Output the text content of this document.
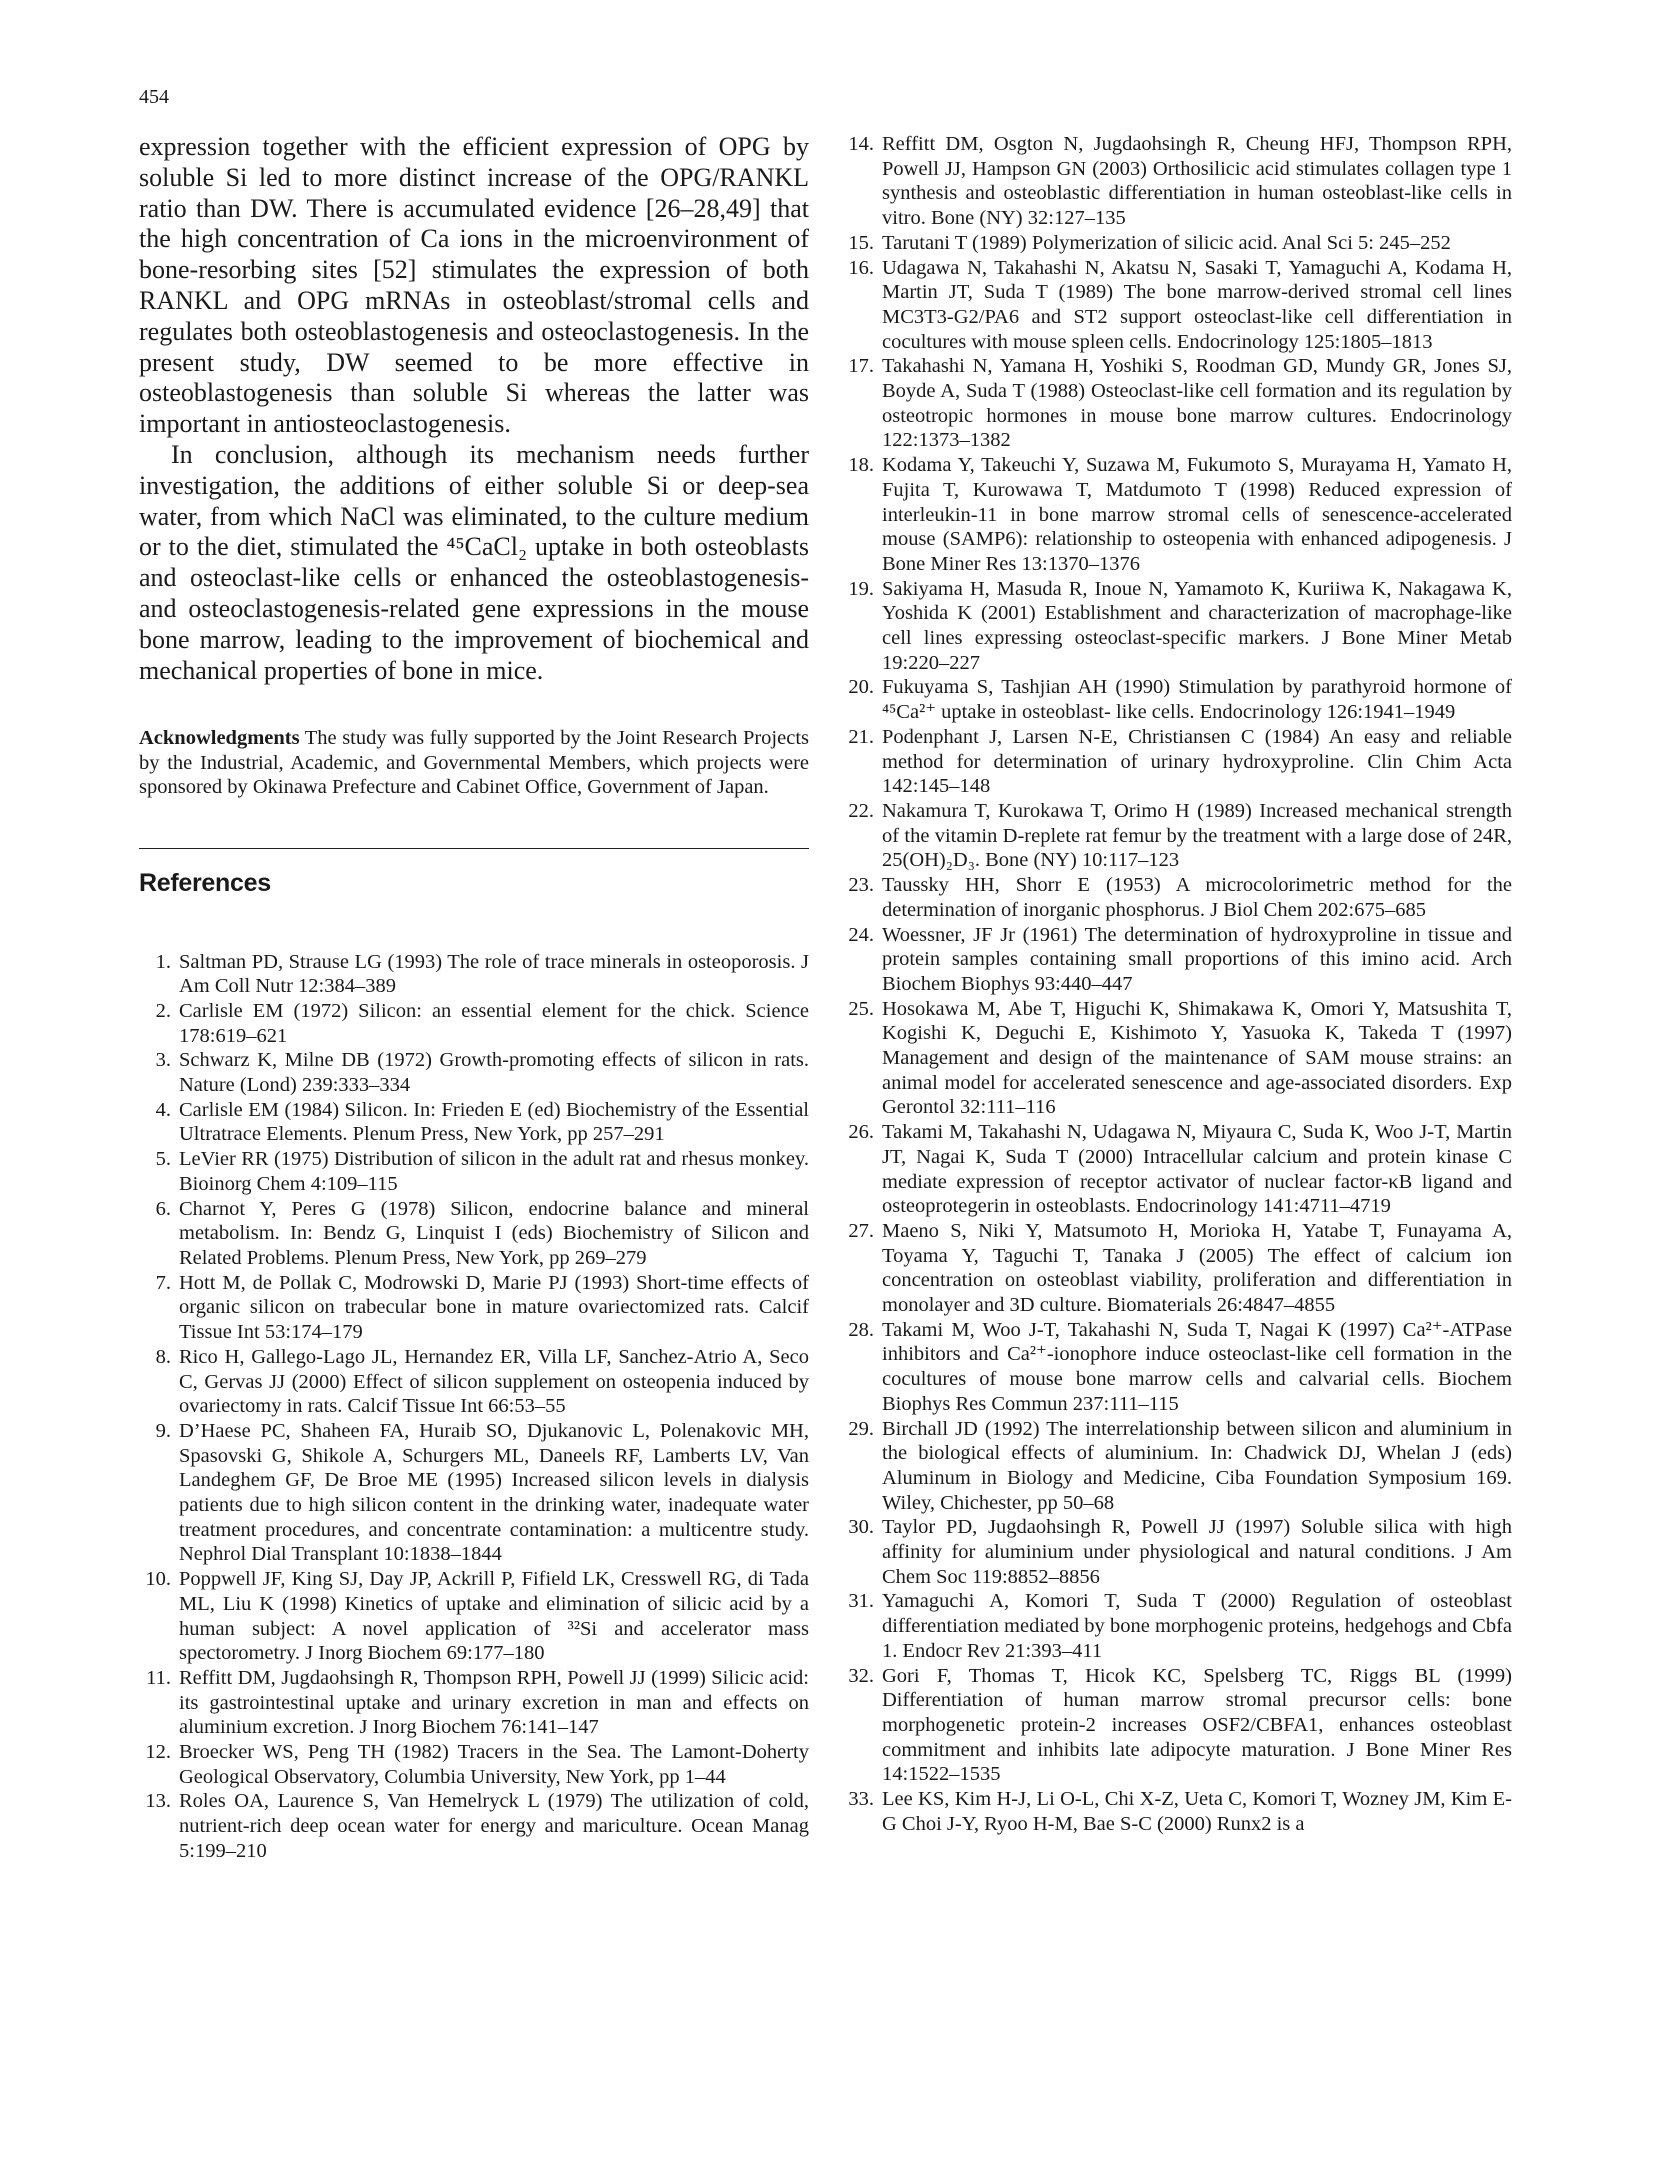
454

expression together with the efficient expression of OPG by soluble Si led to more distinct increase of the OPG/RANKL ratio than DW. There is accumulated evidence [26–28,49] that the high concentration of Ca ions in the microenvironment of bone-resorbing sites [52] stimulates the expression of both RANKL and OPG mRNAs in osteoblast/stromal cells and regulates both osteoblastogenesis and osteoclastogenesis. In the present study, DW seemed to be more effective in osteoblastogenesis than soluble Si whereas the latter was important in antiosteoclastogenesis.

In conclusion, although its mechanism needs further investigation, the additions of either soluble Si or deep-sea water, from which NaCl was eliminated, to the culture medium or to the diet, stimulated the ⁴⁵CaCl₂ uptake in both osteoblasts and osteoclast-like cells or enhanced the osteoblastogenesis- and osteoclastogenesis-related gene expressions in the mouse bone marrow, leading to the improvement of biochemical and mechanical properties of bone in mice.

Acknowledgments The study was fully supported by the Joint Research Projects by the Industrial, Academic, and Governmental Members, which projects were sponsored by Okinawa Prefecture and Cabinet Office, Government of Japan.
References
1. Saltman PD, Strause LG (1993) The role of trace minerals in osteoporosis. J Am Coll Nutr 12:384–389
2. Carlisle EM (1972) Silicon: an essential element for the chick. Science 178:619–621
3. Schwarz K, Milne DB (1972) Growth-promoting effects of silicon in rats. Nature (Lond) 239:333–334
4. Carlisle EM (1984) Silicon. In: Frieden E (ed) Biochemistry of the Essential Ultratrace Elements. Plenum Press, New York, pp 257–291
5. LeVier RR (1975) Distribution of silicon in the adult rat and rhesus monkey. Bioinorg Chem 4:109–115
6. Charnot Y, Peres G (1978) Silicon, endocrine balance and mineral metabolism. In: Bendz G, Linquist I (eds) Biochemistry of Silicon and Related Problems. Plenum Press, New York, pp 269–279
7. Hott M, de Pollak C, Modrowski D, Marie PJ (1993) Short-time effects of organic silicon on trabecular bone in mature ovariectomized rats. Calcif Tissue Int 53:174–179
8. Rico H, Gallego-Lago JL, Hernandez ER, Villa LF, Sanchez-Atrio A, Seco C, Gervas JJ (2000) Effect of silicon supplement on osteopenia induced by ovariectomy in rats. Calcif Tissue Int 66:53–55
9. D’Haese PC, Shaheen FA, Huraib SO, Djukanovic L, Polenakovic MH, Spasovski G, Shikole A, Schurgers ML, Daneels RF, Lamberts LV, Van Landeghem GF, De Broe ME (1995) Increased silicon levels in dialysis patients due to high silicon content in the drinking water, inadequate water treatment procedures, and concentrate contamination: a multicentre study. Nephrol Dial Transplant 10:1838–1844
10. Poppwell JF, King SJ, Day JP, Ackrill P, Fifield LK, Cresswell RG, di Tada ML, Liu K (1998) Kinetics of uptake and elimination of silicic acid by a human subject: A novel application of ³²Si and accelerator mass spectorometry. J Inorg Biochem 69:177–180
11. Reffitt DM, Jugdaohsingh R, Thompson RPH, Powell JJ (1999) Silicic acid: its gastrointestinal uptake and urinary excretion in man and effects on aluminium excretion. J Inorg Biochem 76:141–147
12. Broecker WS, Peng TH (1982) Tracers in the Sea. The Lamont-Doherty Geological Observatory, Columbia University, New York, pp 1–44
13. Roles OA, Laurence S, Van Hemelryck L (1979) The utilization of cold, nutrient-rich deep ocean water for energy and mariculture. Ocean Manag 5:199–210
14. Reffitt DM, Osgton N, Jugdaohsingh R, Cheung HFJ, Thompson RPH, Powell JJ, Hampson GN (2003) Orthosilicic acid stimulates collagen type 1 synthesis and osteoblastic differentiation in human osteoblast-like cells in vitro. Bone (NY) 32:127–135
15. Tarutani T (1989) Polymerization of silicic acid. Anal Sci 5: 245–252
16. Udagawa N, Takahashi N, Akatsu N, Sasaki T, Yamaguchi A, Kodama H, Martin JT, Suda T (1989) The bone marrow-derived stromal cell lines MC3T3-G2/PA6 and ST2 support osteoclast-like cell differentiation in cocultures with mouse spleen cells. Endocrinology 125:1805–1813
17. Takahashi N, Yamana H, Yoshiki S, Roodman GD, Mundy GR, Jones SJ, Boyde A, Suda T (1988) Osteoclast-like cell formation and its regulation by osteotropic hormones in mouse bone marrow cultures. Endocrinology 122:1373–1382
18. Kodama Y, Takeuchi Y, Suzawa M, Fukumoto S, Murayama H, Yamato H, Fujita T, Kurowawa T, Matdumoto T (1998) Reduced expression of interleukin-11 in bone marrow stromal cells of senescence-accelerated mouse (SAMP6): relationship to osteopenia with enhanced adipogenesis. J Bone Miner Res 13:1370–1376
19. Sakiyama H, Masuda R, Inoue N, Yamamoto K, Kuriiwa K, Nakagawa K, Yoshida K (2001) Establishment and characterization of macrophage-like cell lines expressing osteoclast-specific markers. J Bone Miner Metab 19:220–227
20. Fukuyama S, Tashjian AH (1990) Stimulation by parathyroid hormone of ⁴⁵Ca²⁺ uptake in osteoblast- like cells. Endocrinology 126:1941–1949
21. Podenphant J, Larsen N-E, Christiansen C (1984) An easy and reliable method for determination of urinary hydroxyproline. Clin Chim Acta 142:145–148
22. Nakamura T, Kurokawa T, Orimo H (1989) Increased mechanical strength of the vitamin D-replete rat femur by the treatment with a large dose of 24R, 25(OH)₂D₃. Bone (NY) 10:117–123
23. Taussky HH, Shorr E (1953) A microcolorimetric method for the determination of inorganic phosphorus. J Biol Chem 202:675–685
24. Woessner, JF Jr (1961) The determination of hydroxyproline in tissue and protein samples containing small proportions of this imino acid. Arch Biochem Biophys 93:440–447
25. Hosokawa M, Abe T, Higuchi K, Shimakawa K, Omori Y, Matsushita T, Kogishi K, Deguchi E, Kishimoto Y, Yasuoka K, Takeda T (1997) Management and design of the maintenance of SAM mouse strains: an animal model for accelerated senescence and age-associated disorders. Exp Gerontol 32:111–116
26. Takami M, Takahashi N, Udagawa N, Miyaura C, Suda K, Woo J-T, Martin JT, Nagai K, Suda T (2000) Intracellular calcium and protein kinase C mediate expression of receptor activator of nuclear factor-κB ligand and osteoprotegerin in osteoblasts. Endocrinology 141:4711–4719
27. Maeno S, Niki Y, Matsumoto H, Morioka H, Yatabe T, Funayama A, Toyama Y, Taguchi T, Tanaka J (2005) The effect of calcium ion concentration on osteoblast viability, proliferation and differentiation in monolayer and 3D culture. Biomaterials 26:4847–4855
28. Takami M, Woo J-T, Takahashi N, Suda T, Nagai K (1997) Ca²⁺-ATPase inhibitors and Ca²⁺-ionophore induce osteoclast-like cell formation in the cocultures of mouse bone marrow cells and calvarial cells. Biochem Biophys Res Commun 237:111–115
29. Birchall JD (1992) The interrelationship between silicon and aluminium in the biological effects of aluminium. In: Chadwick DJ, Whelan J (eds) Aluminum in Biology and Medicine, Ciba Foundation Symposium 169. Wiley, Chichester, pp 50–68
30. Taylor PD, Jugdaohsingh R, Powell JJ (1997) Soluble silica with high affinity for aluminium under physiological and natural conditions. J Am Chem Soc 119:8852–8856
31. Yamaguchi A, Komori T, Suda T (2000) Regulation of osteoblast differentiation mediated by bone morphogenic proteins, hedgehogs and Cbfa 1. Endocr Rev 21:393–411
32. Gori F, Thomas T, Hicok KC, Spelsberg TC, Riggs BL (1999) Differentiation of human marrow stromal precursor cells: bone morphogenetic protein-2 increases OSF2/CBFA1, enhances osteoblast commitment and inhibits late adipocyte maturation. J Bone Miner Res 14:1522–1535
33. Lee KS, Kim H-J, Li O-L, Chi X-Z, Ueta C, Komori T, Wozney JM, Kim E-G Choi J-Y, Ryoo H-M, Bae S-C (2000) Runx2 is a
